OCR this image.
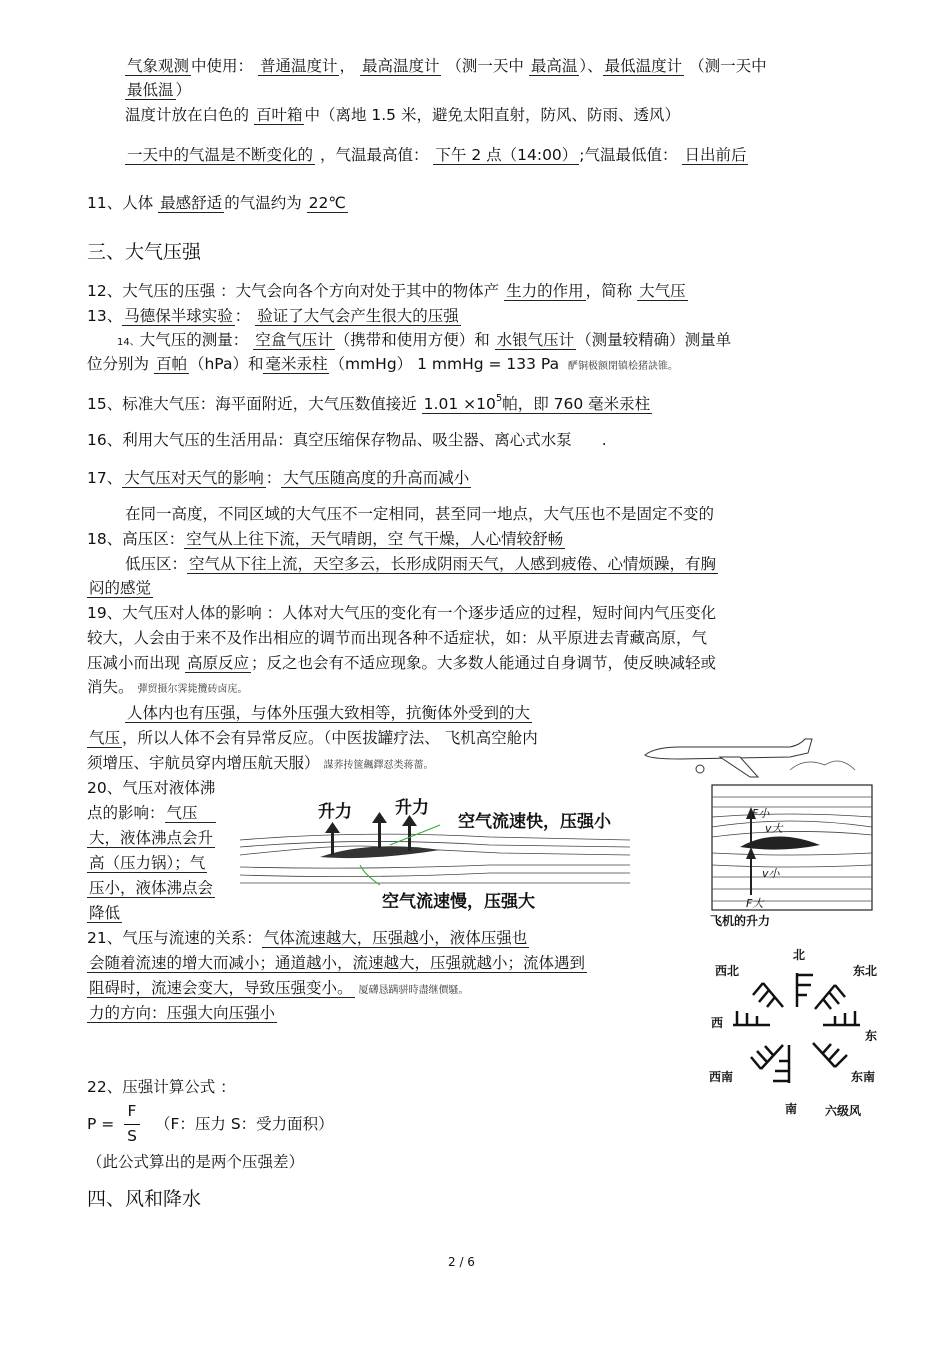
气象观测 中使用： 普通温度计 ， 最高温度计 （测一天中 最高温 ）、 最低温度计 （测一天中
最低温 ）
温度计放在白色的 百叶箱 中（离地 1.5 米，避免太阳直射，防风、防雨、透风）
一天中的气温是不断变化的 ，气温最高值： 下午 2 点（14:00） ;气温最低值： 日出前后
11、人体 最感舒适 的气温约为 22℃
三、大气压强
12、大气压的压强 ：大气会向各个方向对处于其中的物体产 生力的作用 ，简称 大气压
13、 马德保半球实验 ： 验证了大气会产生很大的压强
14、大气压的测量： 空盒气压计 （携带和使用方便）和 水银气压计 （测量较精确）测量单
位分别为 百帕 （hPa）和 毫米汞柱 （mmHg） 1 mmHg = 133 Pa 酽铜极额閉镇桧猪訣锥。
15、标准大气压：海平面附近，大气压数值接近 $1.01 \times 10^5$帕，即 760 毫米汞柱
16、利用大气压的生活用品：真空压缩保存物品、吸尘器、离心式水泵 .
17、 大气压对天气的影响 ： 大气压随高度的升高而减小
在同一高度，不同区域的大气压不一定相同，甚至同一地点，大气压也不是固定不变的
18、高压区： 空气从上往下流，天气晴朗，空 气干燥，人心情较舒畅
低压区： 空气从下往上流，天空多云，长形成阴雨天气，人感到疲倦、心情烦躁，有胸
闷的感觉
19、大气压对人体的影响 ：人体对大气压的变化有一个逐步适应的过程，短时间内气压变化
较大，人会由于来不及作出相应的调节而出现各种不适症状，如：从平原进去青藏高原，气
压减小而出现 高原反应 ；反之也会有不适应现象。大多数人能通过自身调节，使反映减轻或
消失。 彈贸摄尔霁毙攬砖卤庑。
人体内也有压强，与体外压强大致相等，抗衡体外受到的大
气压 ，所以人体不会有异常反应。（中医拔罐疗法、 飞机高空舱内
须增压、宇航员穿内增压航天服） 謀荞抟箧飆鐸怼类蒋薔。
20、气压对液体沸
点的影响： 气压
大，液体沸点会升
高（压力锅）；气
压小，液体沸点会
降低
21、气压与流速的关系： 气体流速越大，压强越小，液体压强也
会随着流速的增大而减小；通道越小，流速越大，压强就越小；流体遇到
阻碍时，流速会变大，导致压强变小。 厦礴恳蹒骈時盡继價騷。
力的方向：压强大向压强小
22、压强计算公式 ：
P =
F
S
（F：压力 S：受力面积）
（此公式算出的是两个压强差）
四、风和降水
2 / 6
升力	升力
空气流速快，压强小
空气流速慢，压强大
F小
v大
v小
F大
飞机的升力
北
西北	东北
西
东
西南	东南
南 六级风
